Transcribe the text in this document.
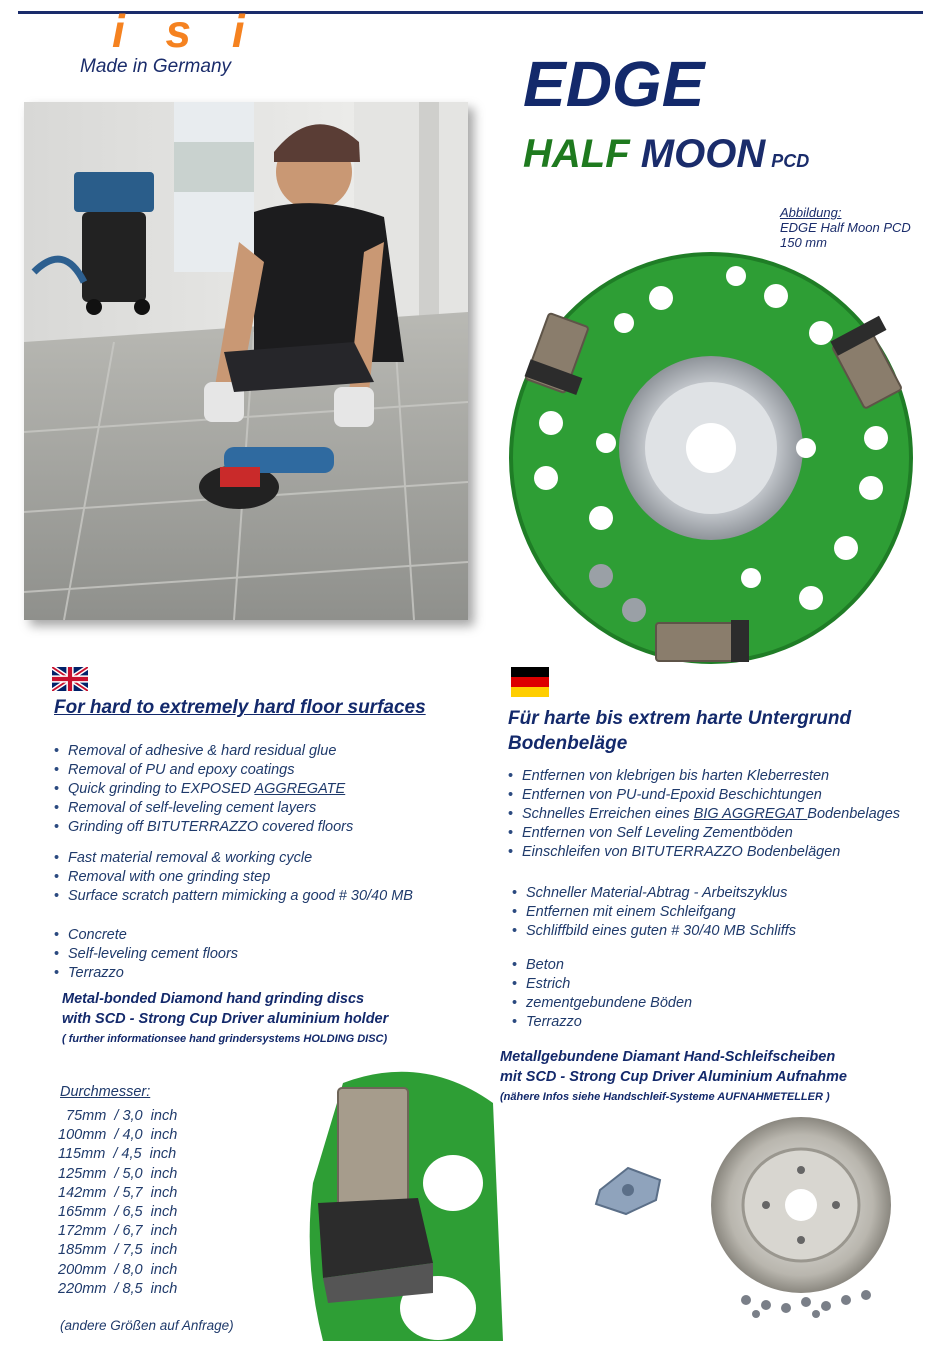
i s i
Made in Germany	EDGE
HALF MOON PCD
Abbildung:
EDGE Half Moon PCD
150 mm
For hard to extremely hard floor surfaces
• Removal of adhesive & hard residual glue
• Removal of PU and epoxy coatings
• Quick grinding to EXPOSED AGGREGATE
• Removal of self-leveling cement layers
• Grinding off BITUTERRAZZO covered floors
• Fast material removal & working cycle
• Removal with one grinding step
• Surface scratch pattern mimicking a good # 30/40 MB
• Concrete
• Self-leveling cement floors
• Terrazzo
Metal-bonded Diamond hand grinding discs
with SCD - Strong Cup Driver aluminium holder
( further informationsee hand grindersystems HOLDING DISC)
Für harte bis extrem harte Untergrund
Bodenbeläge
• Entfernen von klebrigen bis harten Kleberresten
• Entfernen von PU-und-Epoxid Beschichtungen
• Schnelles Erreichen eines BIG AGGREGAT Bodenbelages
• Entfernen von Self Leveling Zementböden
• Einschleifen von BITUTERRAZZO Bodenbelägen
• Schneller Material-Abtrag - Arbeitszyklus
• Entfernen mit einem Schleifgang
• Schliffbild eines guten # 30/40 MB Schliffs
• Beton
• Estrich
• zementgebundene Böden
• Terrazzo
Metallgebundene Diamant Hand-Schleifscheiben
mit SCD - Strong Cup Driver Aluminium Aufnahme
(nähere Infos siehe Handschleif-Systeme AUFNAHMETELLER )
Durchmesser:
75mm  / 3,0  inch
100mm  / 4,0  inch
115mm  / 4,5  inch
125mm  / 5,0  inch
142mm  / 5,7  inch
165mm  / 6,5  inch
172mm  / 6,7  inch
185mm  / 7,5  inch
200mm  / 8,0  inch
220mm  / 8,5  inch
(andere Größen auf Anfrage)
